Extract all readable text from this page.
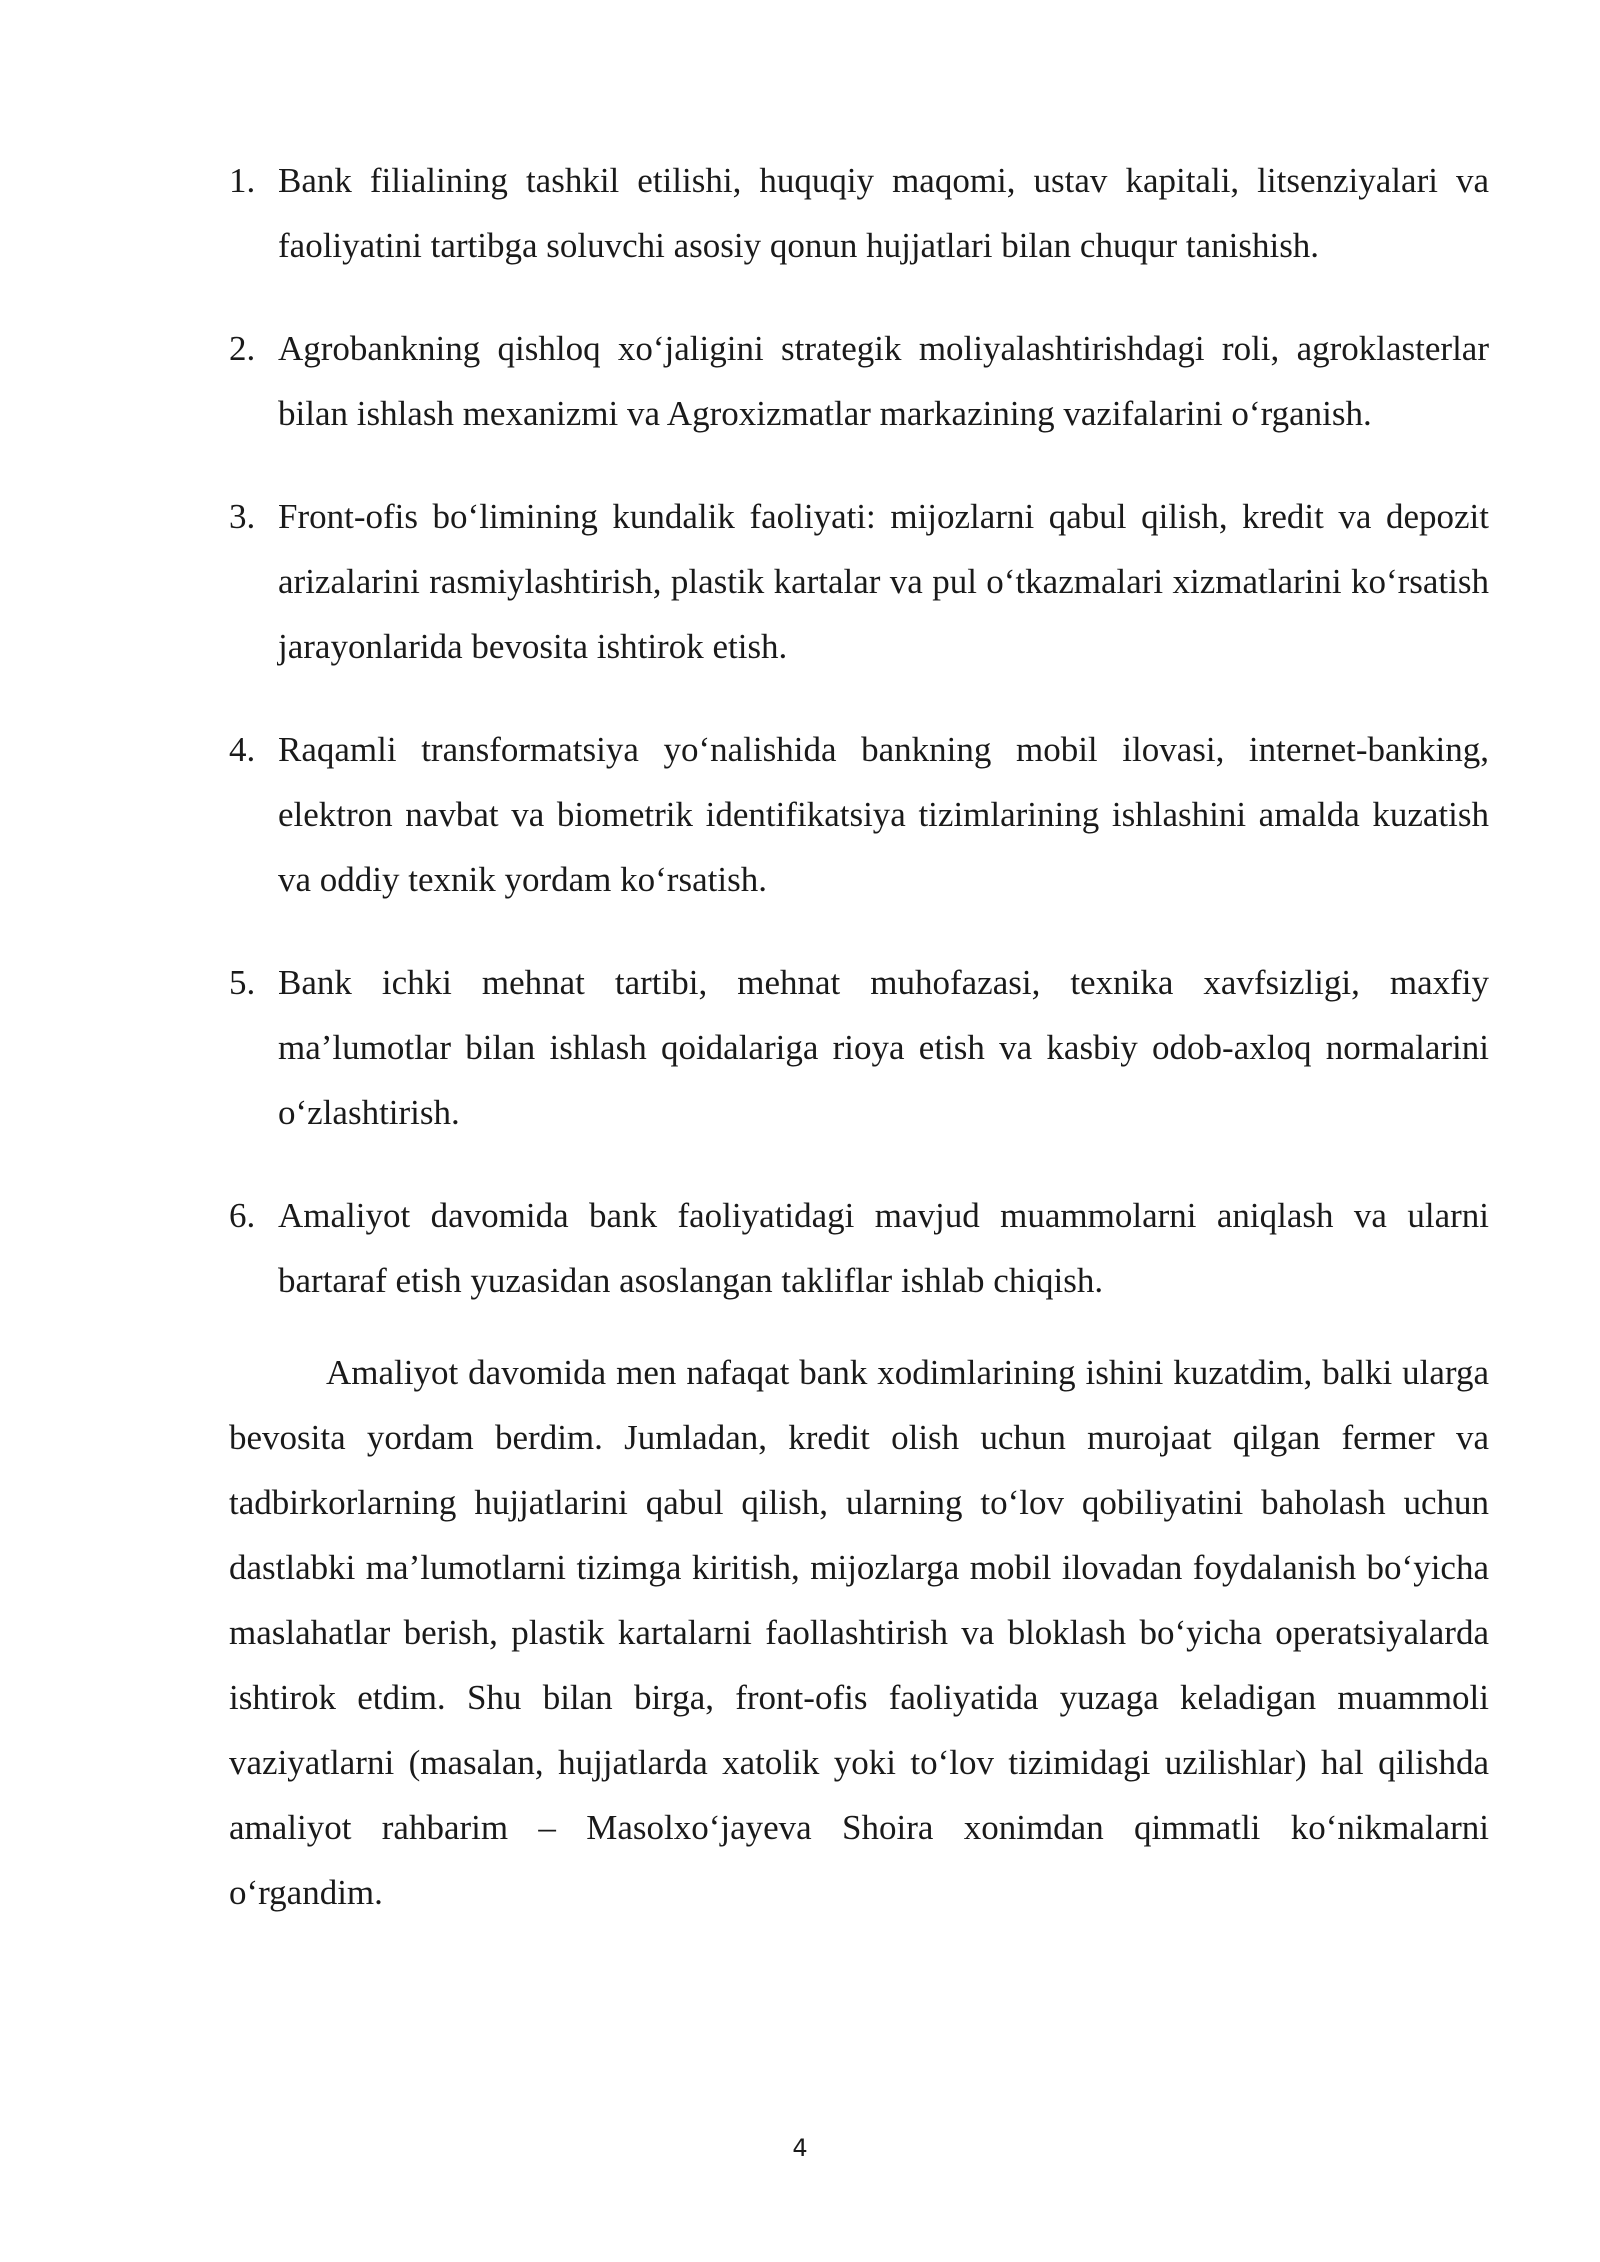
1. Bank filialining tashkil etilishi, huquqiy maqomi, ustav kapitali, litsenziyalari va faoliyatini tartibga soluvchi asosiy qonun hujjatlari bilan chuqur tanishish.
2. Agrobankning qishloq xo‘jaligini strategik moliyalashtirishdagi roli, agroklasterlar bilan ishlash mexanizmi va Agroxizmatlar markazining vazifalarini o‘rganish.
3. Front-ofis bo‘limining kundalik faoliyati: mijozlarni qabul qilish, kredit va depozit arizalarini rasmiylashtirish, plastik kartalar va pul o‘tkazmalari xizmatlarini ko‘rsatish jarayonlarida bevosita ishtirok etish.
4. Raqamli transformatsiya yo‘nalishida bankning mobil ilovasi, internet-banking, elektron navbat va biometrik identifikatsiya tizimlarining ishlashini amalda kuzatish va oddiy texnik yordam ko‘rsatish.
5. Bank ichki mehnat tartibi, mehnat muhofazasi, texnika xavfsizligi, maxfiy ma’lumotlar bilan ishlash qoidalariga rioya etish va kasbiy odob-axloq normalarini o‘zlashtirish.
6. Amaliyot davomida bank faoliyatidagi mavjud muammolarni aniqlash va ularni bartaraf etish yuzasidan asoslangan takliflar ishlab chiqish.

Amaliyot davomida men nafaqat bank xodimlarining ishini kuzatdim, balki ularga bevosita yordam berdim. Jumladan, kredit olish uchun murojaat qilgan fermer va tadbirkorlarning hujjatlarini qabul qilish, ularning to‘lov qobiliyatini baholash uchun dastlabki ma’lumotlarni tizimga kiritish, mijozlarga mobil ilovadan foydalanish bo‘yicha maslahatlar berish, plastik kartalarni faollashtirish va bloklash bo‘yicha operatsiyalarda ishtirok etdim. Shu bilan birga, front-ofis faoliyatida yuzaga keladigan muammoli vaziyatlarni (masalan, hujjatlarda xatolik yoki to‘lov tizimidagi uzilishlar) hal qilishda amaliyot rahbarim – Masolxo‘jayeva Shoira xonimdan qimmatli ko‘nikmalarni o‘rgandim.

4
